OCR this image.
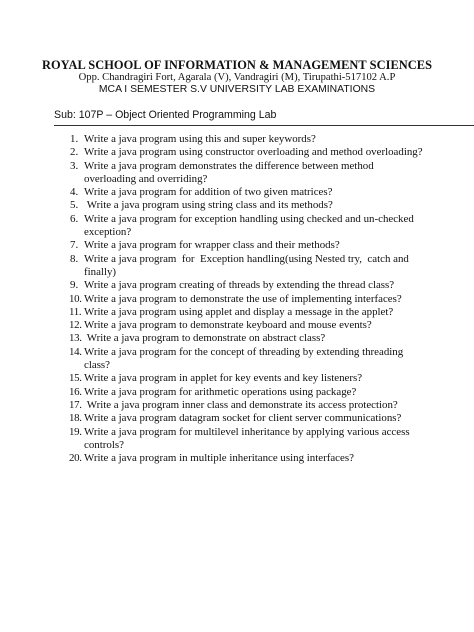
ROYAL SCHOOL OF INFORMATION & MANAGEMENT SCIENCES
Opp. Chandragiri Fort, Agarala (V), Vandragiri (M), Tirupathi-517102 A.P
MCA I SEMESTER S.V UNIVERSITY LAB EXAMINATIONS
Sub: 107P – Object Oriented Programming Lab
1. Write a java program using this and super keywords?
2. Write a java program using constructor overloading and method overloading?
3. Write a java program demonstrates the difference between method overloading and overriding?
4. Write a java program for addition of two given matrices?
5. Write a java program using string class and its methods?
6. Write a java program for exception handling using checked and un-checked exception?
7. Write a java program for wrapper class and their methods?
8. Write a java program  for  Exception handling(using Nested try,  catch and finally)
9. Write a java program creating of threads by extending the thread class?
10. Write a java program to demonstrate the use of implementing interfaces?
11. Write a java program using applet and display a message in the applet?
12. Write a java program to demonstrate keyboard and mouse events?
13. Write a java program to demonstrate on abstract class?
14. Write a java program for the concept of threading by extending threading class?
15. Write a java program in applet for key events and key listeners?
16. Write a java program for arithmetic operations using package?
17. Write a java program inner class and demonstrate its access protection?
18. Write a java program datagram socket for client server communications?
19. Write a java program for multilevel inheritance by applying various access controls?
20. Write a java program in multiple inheritance using interfaces?
